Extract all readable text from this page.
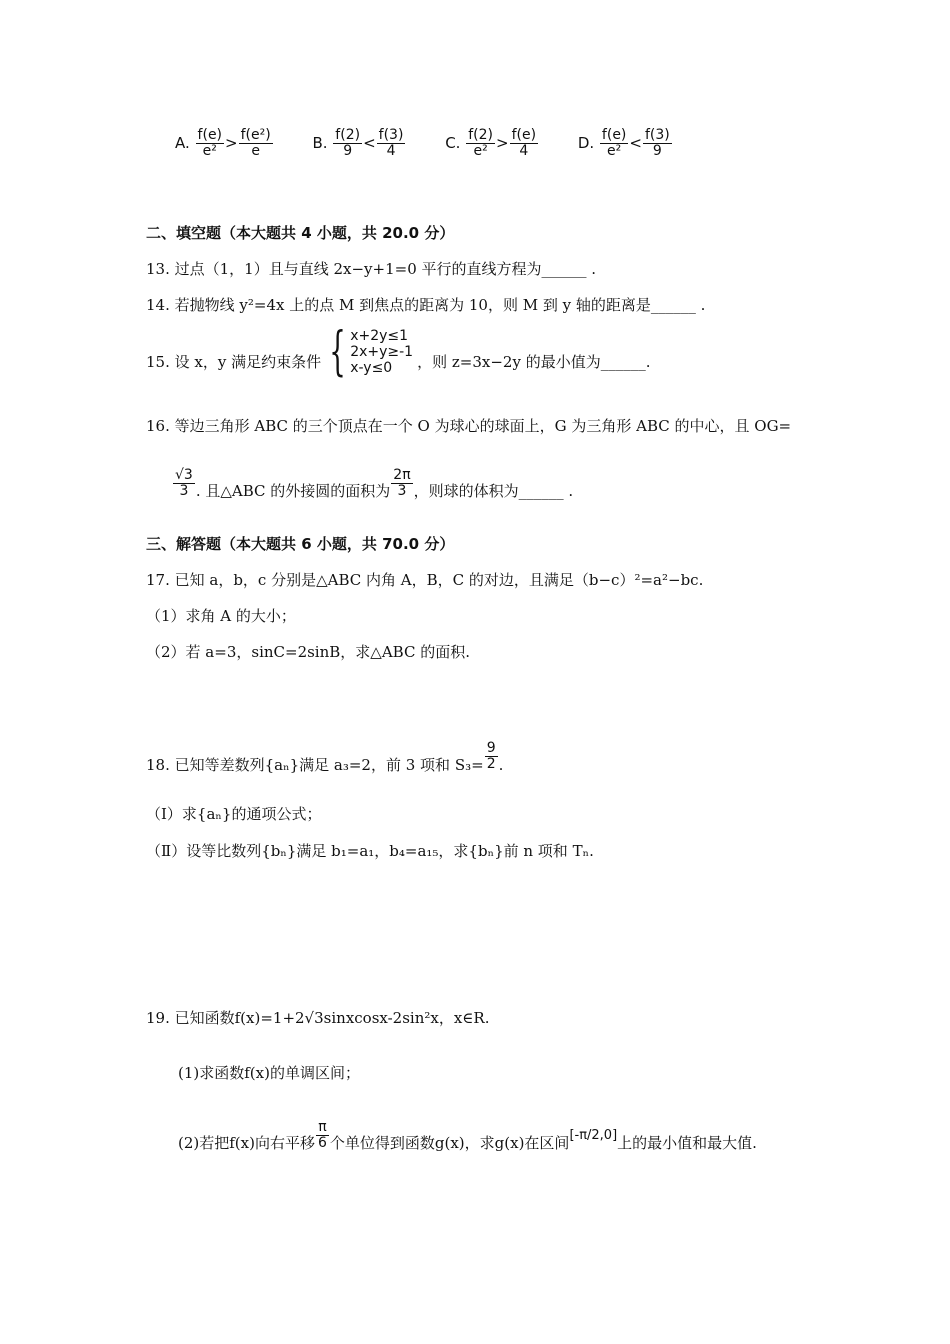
A. $\frac{f(e)}{\text{e²}} > \frac{\text{f(e²)}}{e}$	B. $\frac{f(2)}{9} < \frac{f(3)}{4}$	C. $\frac{f(2)}{\text{e²}} > \frac{f(e)}{4}$	D. $\frac{f(e)}{\text{e²}} < \frac{f(3)}{9}$
二、填空题（本大题共 4 小题，共 20.0 分）
13. 过点（1，1）且与直线 2x−y+1=0 平行的直线方程为______ .
14. 若抛物线 y²=4x 上的点 M 到焦点的距离为 10，则 M 到 y 轴的距离是______ .
15. 设 x，y 满足约束条件 { x+2y≤1
2x+y≥-1
x-y≤0	，则 z=3x−2y 的最小值为______.
16. 等边三角形 ABC 的三个顶点在一个 O 为球心的球面上，G 为三角形 ABC 的中心，且 OG=
$\frac{√3}{3}$ . 且△ABC 的外接圆的面积为 $\frac{2\pi}{3}$ ，则球的体积为______ .
三、解答题（本大题共 6 小题，共 70.0 分）
17. 已知 a，b，c 分别是△ABC 内角 A，B，C 的对边，且满足（b−c）²=a²−bc.
（1）求角 A 的大小；
（2）若 a=3，sinC=2sinB，求△ABC 的面积.
18. 已知等差数列{aₙ}满足 a₃=2，前 3 项和 $S_3= \frac{9}{2}$ .
（Ⅰ）求{aₙ}的通项公式；
（Ⅱ）设等比数列{bₙ}满足 b₁=a₁，b₄=a₁₅，求{bₙ}前 n 项和 Tₙ.
19. 已知函数f(x)=1+2√3sinxcosx-2sin²x，x∈R.
(1)求函数f(x)的单调区间；
(2)若把f(x)向右平移 $\frac{\pi}{6}$ 个单位得到函数g(x)，求g(x)在区间 [-π/2,0] 上的最小值和最大值.
